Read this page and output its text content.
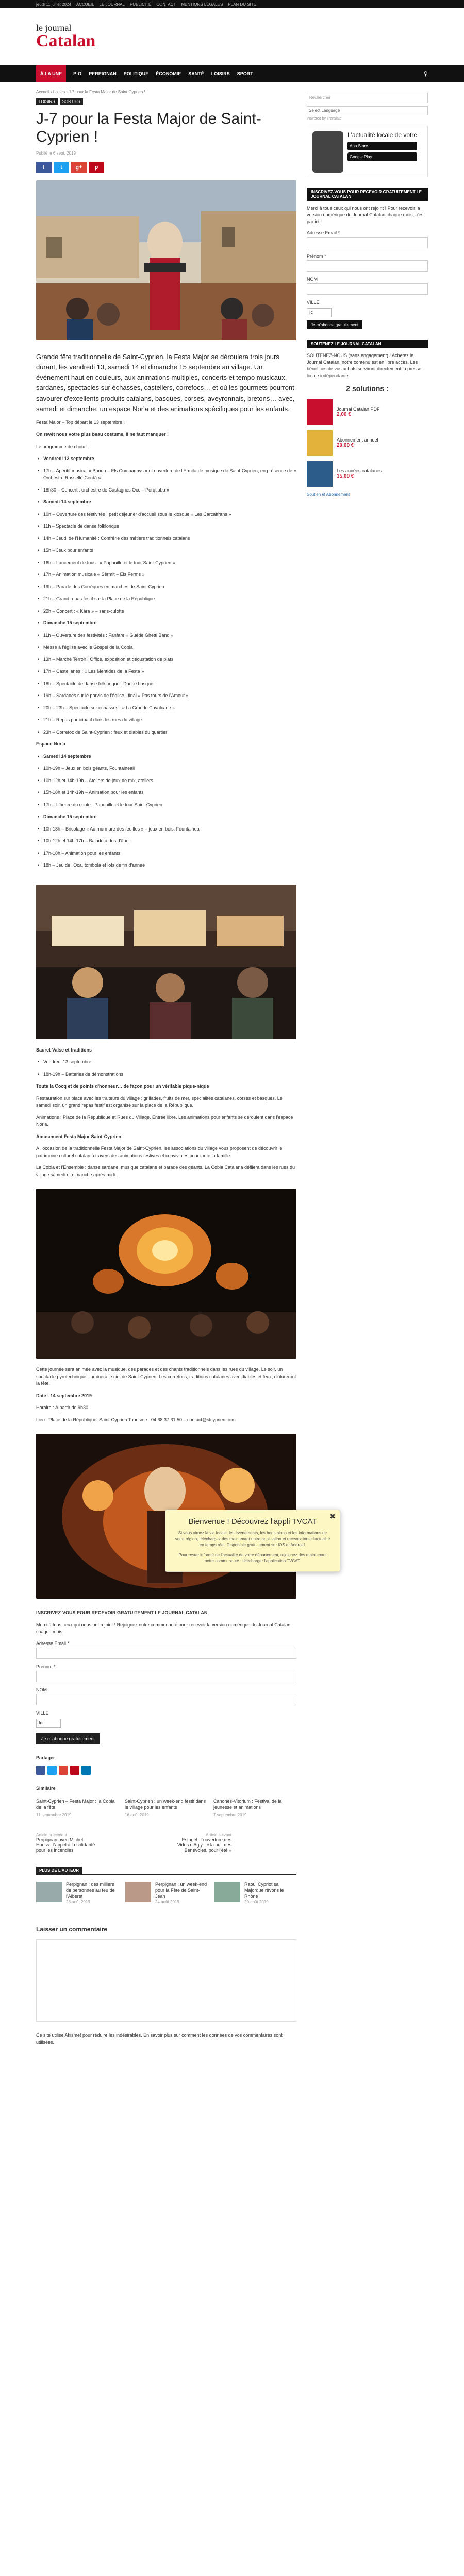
jeudi 11 juillet 2024 ACCUEIL LE JOURNAL PUBLICITÉ CONTACT MENTIONS LÉGALES PLAN DU SITE
le journal
Catalan
À LA UNE	P-O PERPIGNAN POLITIQUE ÉCONOMIE SANTÉ LOISIRS SPORT	⚲
Accueil › Loisirs › J-7 pour la Festa Major de Saint-Cyprien !
LOISIRS	SORTIES
J-7 pour la Festa Major de Saint-Cyprien !
Publié le 6 sept. 2019
f	t	g+	p
Grande fête traditionnelle de Saint-Cyprien, la Festa Major se déroulera trois jours durant, les vendredi 13, samedi 14 et dimanche 15 septembre au village. Un événement haut en couleurs, aux animations multiples, concerts et tempo musicaux, sardanes, spectacles sur échasses, castellers, correfocs… et où les gourmets pourront savourer d'excellents produits catalans, basques, corses, aveyronnais, bretons… avec, samedi et dimanche, un espace Nor'a et des animations spécifiques pour les enfants.
Festa Major – Top départ le 13 septembre !
On revêt nous votre plus beau costume, il ne faut manquer !
Le programme de choix !
• Vendredi 13 septembre
• 17h – Apéritif musical « Banda – Els Compagnys » et ouverture de l'Ermita de musique de Saint-Cyprien, en présence de « Orchestre Rosselló-Cerdà »
• 18h30 – Concert : orchestre de Castagnes Occ – Porqtlaba »
• Samedi 14 septembre
• 10h – Ouverture des festivités : petit déjeuner d'accueil sous le kiosque « Les Carcaffrans »
• 11h – Spectacle de danse folklorique
• 14h – Jeudi de l'Humanité : Confrérie des métiers traditionnels catalans
• 15h – Jeux pour enfants
• 16h – Lancement de fous : « Papouille et le tour Saint-Cyprien »
• 17h – Animation musicale « Sèrmit – Els Ferms »
• 19h – Parade des Corrèques en marches de Saint-Cyprien
• 21h – Grand repas festif sur la Place de la République
• 22h – Concert : « Kàra » – sans-culotte
• Dimanche 15 septembre
• 11h – Ouverture des festivités : Fanfare « Guédè Ghetti Band »
• Messe à l'église avec le Gòspel de la Cobla
• 13h – Marché Terroir : Office, exposition et dégustation de plats
• 17h – Castellanes : « Les Mentides de la Festa »
• 18h – Spectacle de danse folklorique : Danse basque
• 19h – Sardanes sur le parvis de l'église : final « Pas tours de l'Amour »
• 20h – 23h – Spectacle sur échasses : « La Grande Cavalcade »
• 21h – Repas participatif dans les rues du village
• 23h – Correfoc de Saint-Cyprien : feux et diables du quartier
Espace Nor'a
• Samedi 14 septembre
• 10h-19h – Jeux en bois géants, Fountaineail
• 10h-12h et 14h-19h – Ateliers de jeux de mix, ateliers
• 15h-18h et 14h-19h – Animation pour les enfants
• 17h – L'heure du conte : Papouille et le tour Saint-Cyprien
• Dimanche 15 septembre
• 10h-18h – Bricolage « Au murmure des feuilles » – jeux en bois, Fountaineail
• 10h-12h et 14h-17h – Balade à dos d'âne
• 17h-18h – Animation pour les enfants
• 18h – Jeu de l'Oca, tombola et lots de fin d'année
Sauret-Valse et traditions
• Vendredi 13 septembre
• 18h-19h – Batteries de démonstrations
Toute la Cocq et de points d'honneur… de façon pour un véritable pique-nique
Restauration sur place avec les traiteurs du village : grillades, fruits de mer, spécialités catalanes, corses et basques. Le samedi soir, un grand repas festif est organisé sur la place de la République.
Animations : Place de la République et Rues du Village. Entrée libre. Les animations pour enfants se déroulent dans l'espace Nor'a.
Amusement Festa Major Saint-Cyprien
À l'occasion de la traditionnelle Festa Major de Saint-Cyprien, les associations du village vous proposent de découvrir le patrimoine culturel catalan à travers des animations festives et conviviales pour toute la famille.
La Cobla et l'Ensemble : danse sardane, musique catalane et parade des géants. La Cobla Catalana défilera dans les rues du village samedi et dimanche après-midi.
Cette journée sera animée avec la musique, des parades et des chants traditionnels dans les rues du village. Le soir, un spectacle pyrotechnique illuminera le ciel de Saint-Cyprien. Les correfocs, traditions catalanes avec diables et feux, clôtureront la fête.
Date : 14 septembre 2019
Horaire : À partir de 9h30
Lieu : Place de la République, Saint-Cyprien Tourisme : 04 68 37 31 50 – contact@stcyprien.com
INSCRIVEZ-VOUS POUR RECEVOIR GRATUITEMENT LE JOURNAL CATALAN
Merci à tous ceux qui nous ont rejoint ! Rejoignez notre communauté pour recevoir la version numérique du Journal Catalan chaque mois.
Adresse Email *
Prénom *
NOM
VILLE
Ic
Je m'abonne gratuitement
Partager :
Similaire
Saint-Cyprien – Festa Major : la Cobla de la fête
11 septembre 2019
Saint-Cyprien : un week-end festif dans le village pour les enfants
16 août 2019
Canohès-Vitorium : Festival de la jeunesse et animations
7 septembre 2019
Article précédent
Perpignan avec Michel Houss : l'appel à la solidarité pour les incendies
Article suivant
Estagel : l'ouverture des Vides d'Agly : « la nuit des Bénévoles, pour l'été »
PLUS DE L'AUTEUR
Perpignan : des milliers de personnes au feu de l'Alberet
28 août 2019
Perpignan : un week-end pour la Fête de Saint-Jean
24 août 2019
Raoul Cypriot sa Majorque rêvons le Rhône
20 août 2019
Laisser un commentaire
Ce site utilise Akismet pour réduire les indésirables. En savoir plus sur comment les données de vos commentaires sont utilisées.
Rechercher
Select Language
Powered by Translate
L'actualité locale de votre
App Store
Google Play
INSCRIVEZ-VOUS POUR RECEVOIR GRATUITEMENT LE JOURNAL CATALAN
Merci à tous ceux qui nous ont rejoint ! Pour recevoir la version numérique du Journal Catalan chaque mois, c'est par ici !
Adresse Email *
Prénom *
NOM
VILLE
Ic
Je m'abonne gratuitement
SOUTENEZ LE JOURNAL CATALAN
SOUTENEZ-NOUS (sans engagement) ! Achetez le Journal Catalan, notre contenu est en libre accès. Les bénéfices de vos achats serviront directement la presse locale indépendante.
2 solutions :
Journal Catalan PDF
2,00 €
Abonnement annuel
20,00 €
Les années catalanes
35,00 €
Soutien et Abonnement
✖
Bienvenue ! Découvrez l'appli TVCAT
Si vous aimez la vie locale, les événements, les bons plans et les informations de votre région, téléchargez dès maintenant notre application et recevez toute l'actualité en temps réel. Disponible gratuitement sur iOS et Android.
Pour rester informé de l'actualité de votre département, rejoignez dès maintenant notre communauté : télécharger l'application TVCAT.
